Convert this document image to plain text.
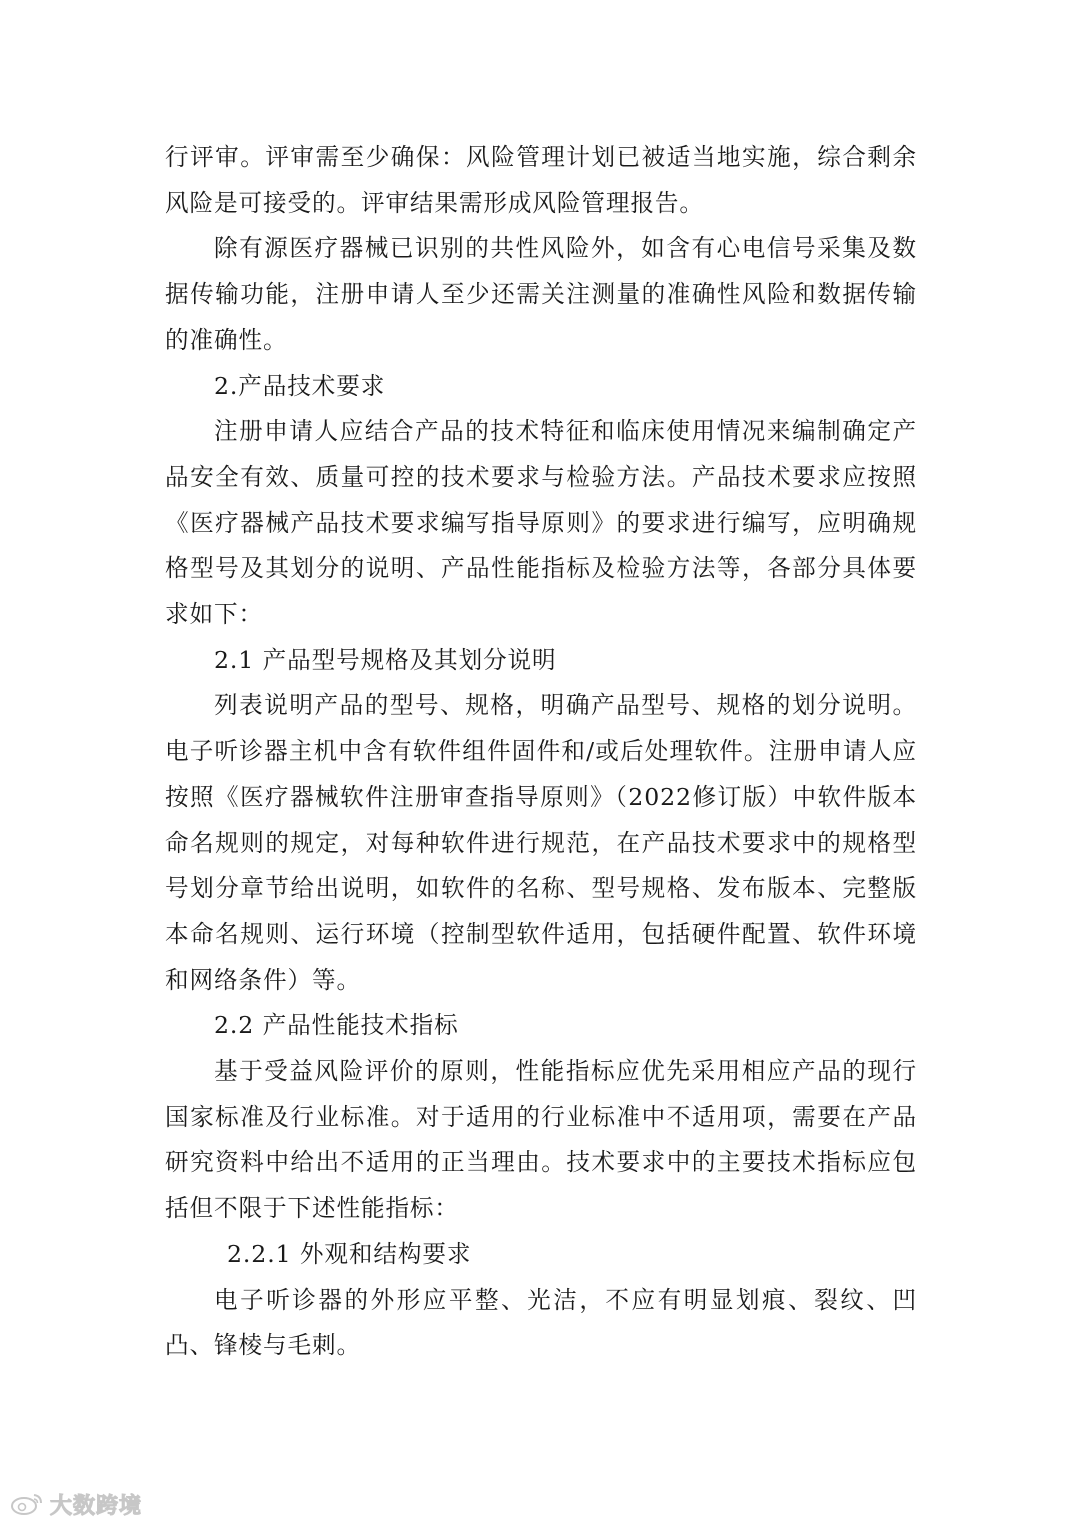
行评审。评审需至少确保：风险管理计划已被适当地实施，综合剩余风险是可接受的。评审结果需形成风险管理报告。

除有源医疗器械已识别的共性风险外，如含有心电信号采集及数据传输功能，注册申请人至少还需关注测量的准确性风险和数据传输的准确性。

2.产品技术要求

注册申请人应结合产品的技术特征和临床使用情况来编制确定产品安全有效、质量可控的技术要求与检验方法。产品技术要求应按照《医疗器械产品技术要求编写指导原则》的要求进行编写，应明确规格型号及其划分的说明、产品性能指标及检验方法等，各部分具体要求如下：

2.1 产品型号规格及其划分说明

列表说明产品的型号、规格，明确产品型号、规格的划分说明。电子听诊器主机中含有软件组件固件和/或后处理软件。注册申请人应按照《医疗器械软件注册审查指导原则》（2022修订版）中软件版本命名规则的规定，对每种软件进行规范，在产品技术要求中的规格型号划分章节给出说明，如软件的名称、型号规格、发布版本、完整版本命名规则、运行环境（控制型软件适用，包括硬件配置、软件环境和网络条件）等。

2.2 产品性能技术指标

基于受益风险评价的原则，性能指标应优先采用相应产品的现行国家标准及行业标准。对于适用的行业标准中不适用项，需要在产品研究资料中给出不适用的正当理由。技术要求中的主要技术指标应包括但不限于下述性能指标：

2.2.1 外观和结构要求

电子听诊器的外形应平整、光洁，不应有明显划痕、裂纹、凹凸、锋棱与毛刺。

大数跨境
